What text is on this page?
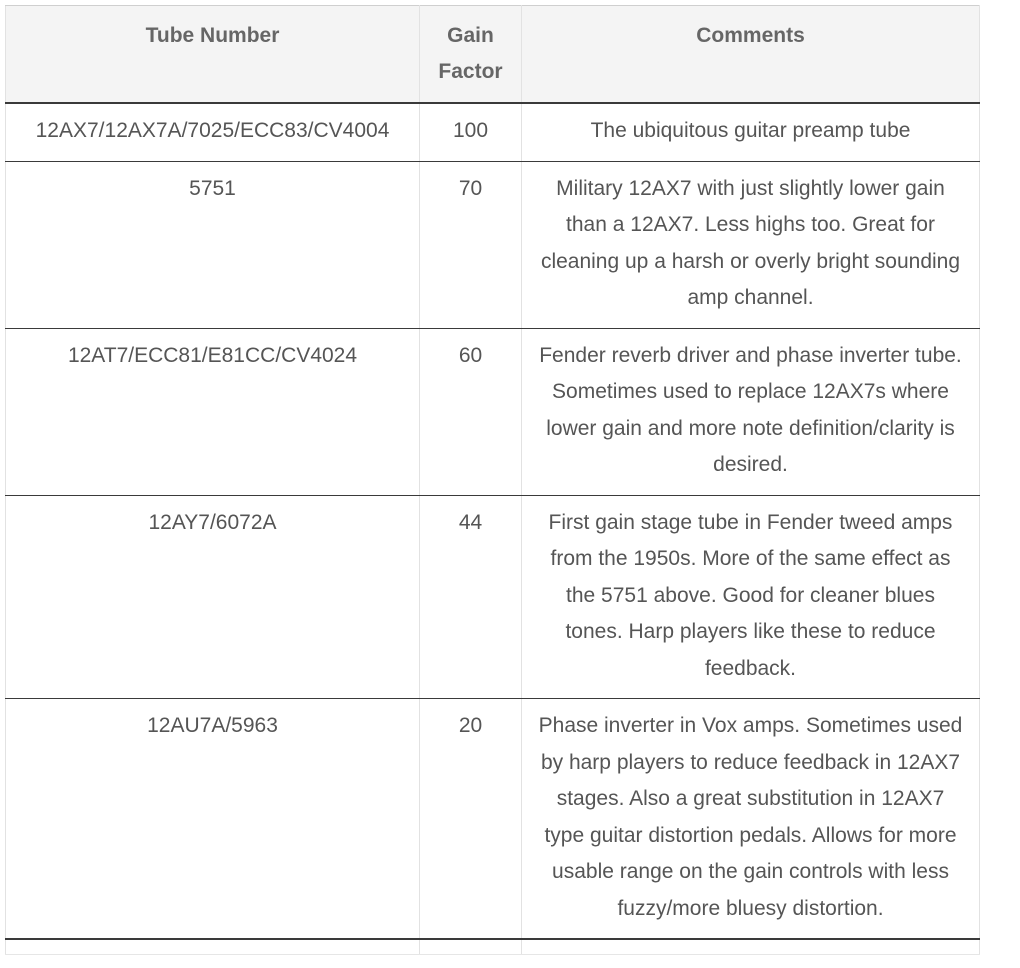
Tube Number	Gain Factor	Comments
12AX7/12AX7A/7025/ECC83/CV4004	100	The ubiquitous guitar preamp tube
5751	70	Military 12AX7 with just slightly lower gain than a 12AX7. Less highs too. Great for cleaning up a harsh or overly bright sounding amp channel.
12AT7/ECC81/E81CC/CV4024	60	Fender reverb driver and phase inverter tube. Sometimes used to replace 12AX7s where lower gain and more note definition/clarity is desired.
12AY7/6072A	44	First gain stage tube in Fender tweed amps from the 1950s. More of the same effect as the 5751 above. Good for cleaner blues tones. Harp players like these to reduce feedback.
12AU7A/5963	20	Phase inverter in Vox amps. Sometimes used by harp players to reduce feedback in 12AX7 stages. Also a great substitution in 12AX7 type guitar distortion pedals. Allows for more usable range on the gain controls with less fuzzy/more bluesy distortion.
